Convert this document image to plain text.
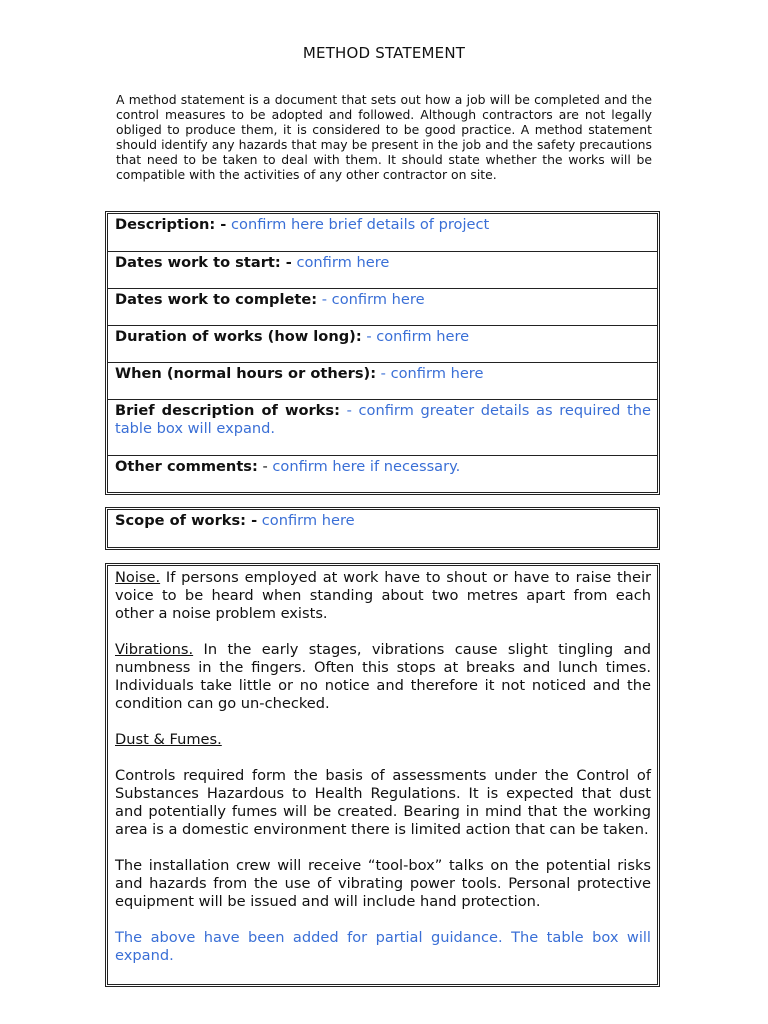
METHOD STATEMENT
A method statement is a document that sets out how a job will be completed and the control measures to be adopted and followed. Although contractors are not legally obliged to produce them, it is considered to be good practice. A method statement should identify any hazards that may be present in the job and the safety precautions that need to be taken to deal with them. It should state whether the works will be compatible with the activities of any other contractor on site.
Description: - confirm here brief details of project
Dates work to start: - confirm here
Dates work to complete: - confirm here
Duration of works (how long): - confirm here
When (normal hours or others): - confirm here
Brief description of works: - confirm greater details as required the table box will expand.
Other comments: - confirm here if necessary.
Scope of works: - confirm here

Noise. If persons employed at work have to shout or have to raise their voice to be heard when standing about two metres apart from each other a noise problem exists.

Vibrations. In the early stages, vibrations cause slight tingling and numbness in the fingers. Often this stops at breaks and lunch times. Individuals take little or no notice and therefore it not noticed and the condition can go un-checked.

Dust & Fumes.

Controls required form the basis of assessments under the Control of Substances Hazardous to Health Regulations. It is expected that dust and potentially fumes will be created. Bearing in mind that the working area is a domestic environment there is limited action that can be taken.

The installation crew will receive “tool-box” talks on the potential risks and hazards from the use of vibrating power tools. Personal protective equipment will be issued and will include hand protection.

The above have been added for partial guidance. The table box will expand.
